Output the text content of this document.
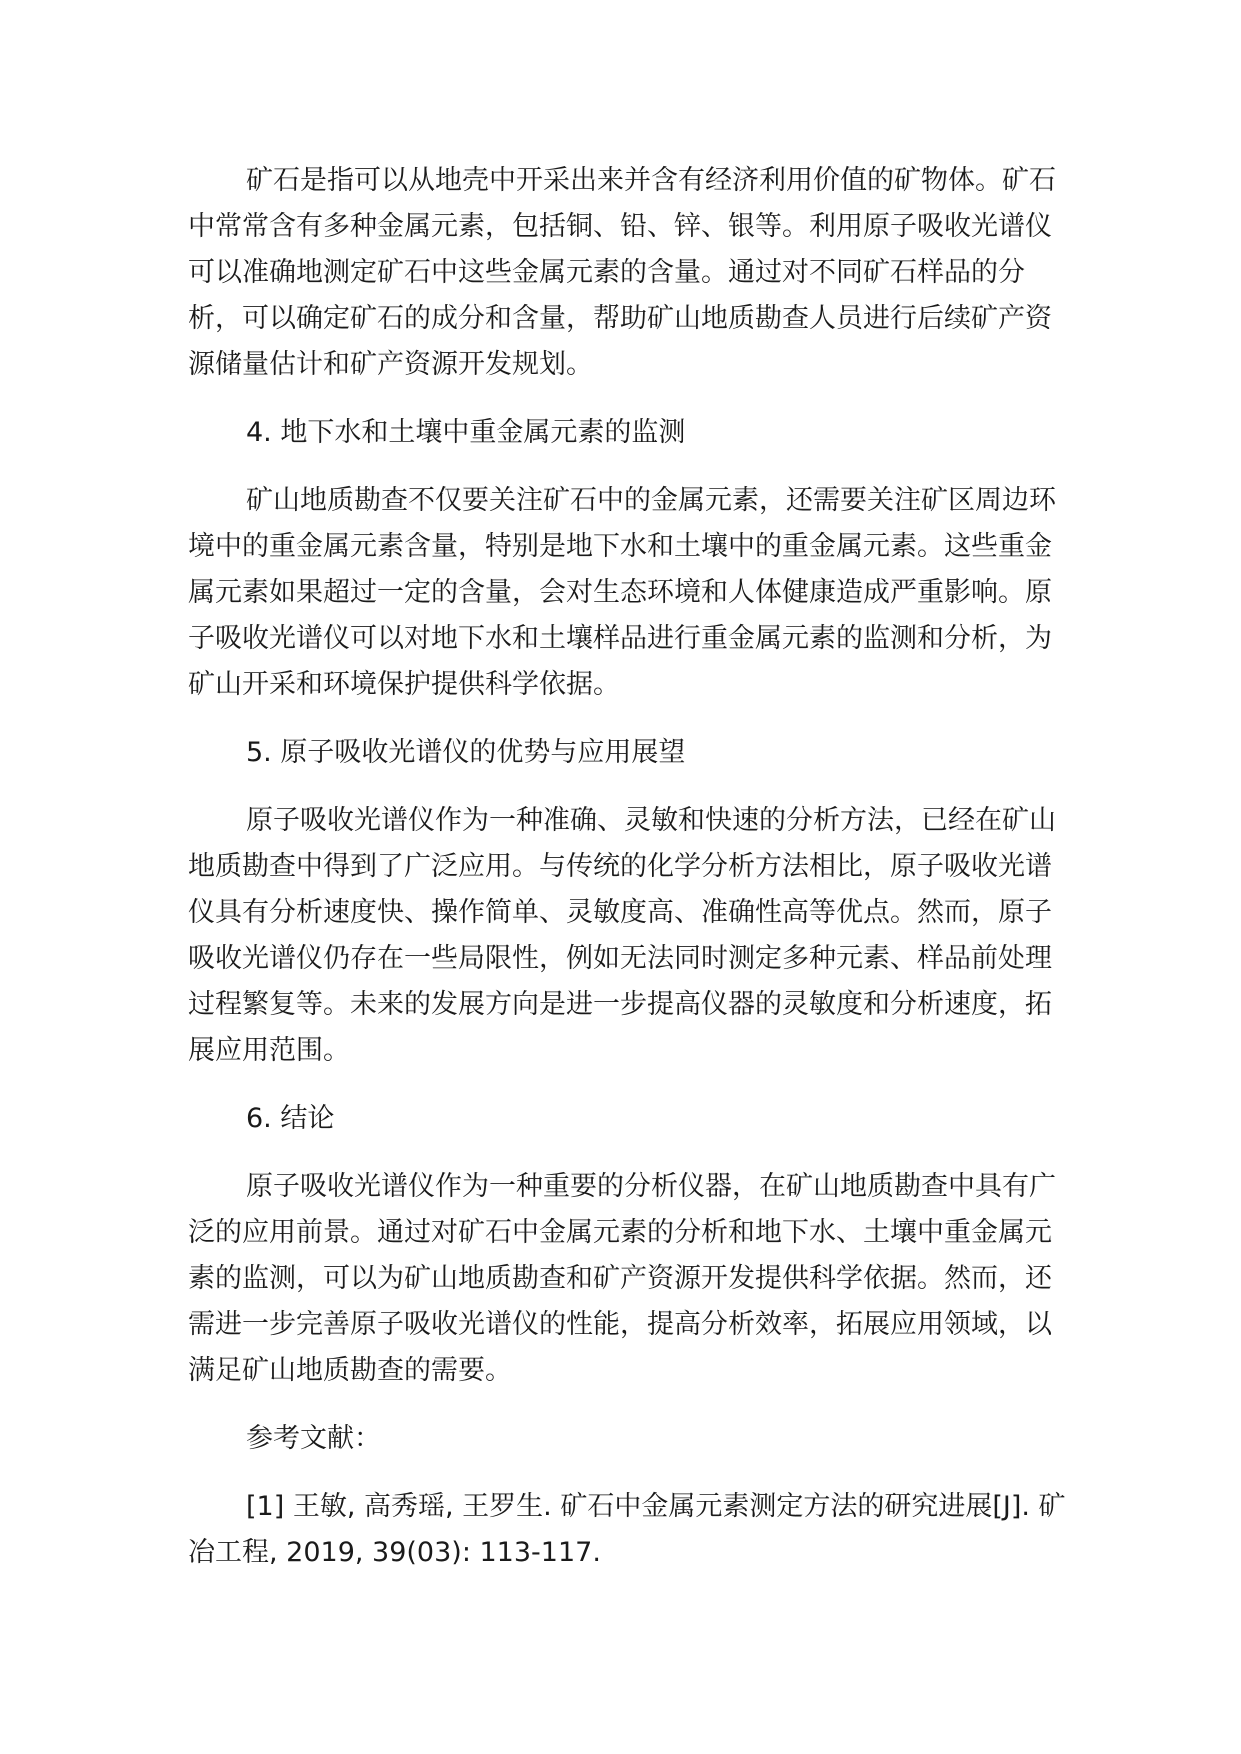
矿石是指可以从地壳中开采出来并含有经济利用价值的矿物体。矿石中常常含有多种金属元素，包括铜、铅、锌、银等。利用原子吸收光谱仪可以准确地测定矿石中这些金属元素的含量。通过对不同矿石样品的分析，可以确定矿石的成分和含量，帮助矿山地质勘查人员进行后续矿产资源储量估计和矿产资源开发规划。

4. 地下水和土壤中重金属元素的监测

矿山地质勘查不仅要关注矿石中的金属元素，还需要关注矿区周边环境中的重金属元素含量，特别是地下水和土壤中的重金属元素。这些重金属元素如果超过一定的含量，会对生态环境和人体健康造成严重影响。原子吸收光谱仪可以对地下水和土壤样品进行重金属元素的监测和分析，为矿山开采和环境保护提供科学依据。

5. 原子吸收光谱仪的优势与应用展望

原子吸收光谱仪作为一种准确、灵敏和快速的分析方法，已经在矿山地质勘查中得到了广泛应用。与传统的化学分析方法相比，原子吸收光谱仪具有分析速度快、操作简单、灵敏度高、准确性高等优点。然而，原子吸收光谱仪仍存在一些局限性，例如无法同时测定多种元素、样品前处理过程繁复等。未来的发展方向是进一步提高仪器的灵敏度和分析速度，拓展应用范围。

6. 结论

原子吸收光谱仪作为一种重要的分析仪器，在矿山地质勘查中具有广泛的应用前景。通过对矿石中金属元素的分析和地下水、土壤中重金属元素的监测，可以为矿山地质勘查和矿产资源开发提供科学依据。然而，还需进一步完善原子吸收光谱仪的性能，提高分析效率，拓展应用领域，以满足矿山地质勘查的需要。

参考文献：

[1] 王敏, 高秀瑶, 王罗生. 矿石中金属元素测定方法的研究进展[J]. 矿冶工程, 2019, 39(03): 113-117.
